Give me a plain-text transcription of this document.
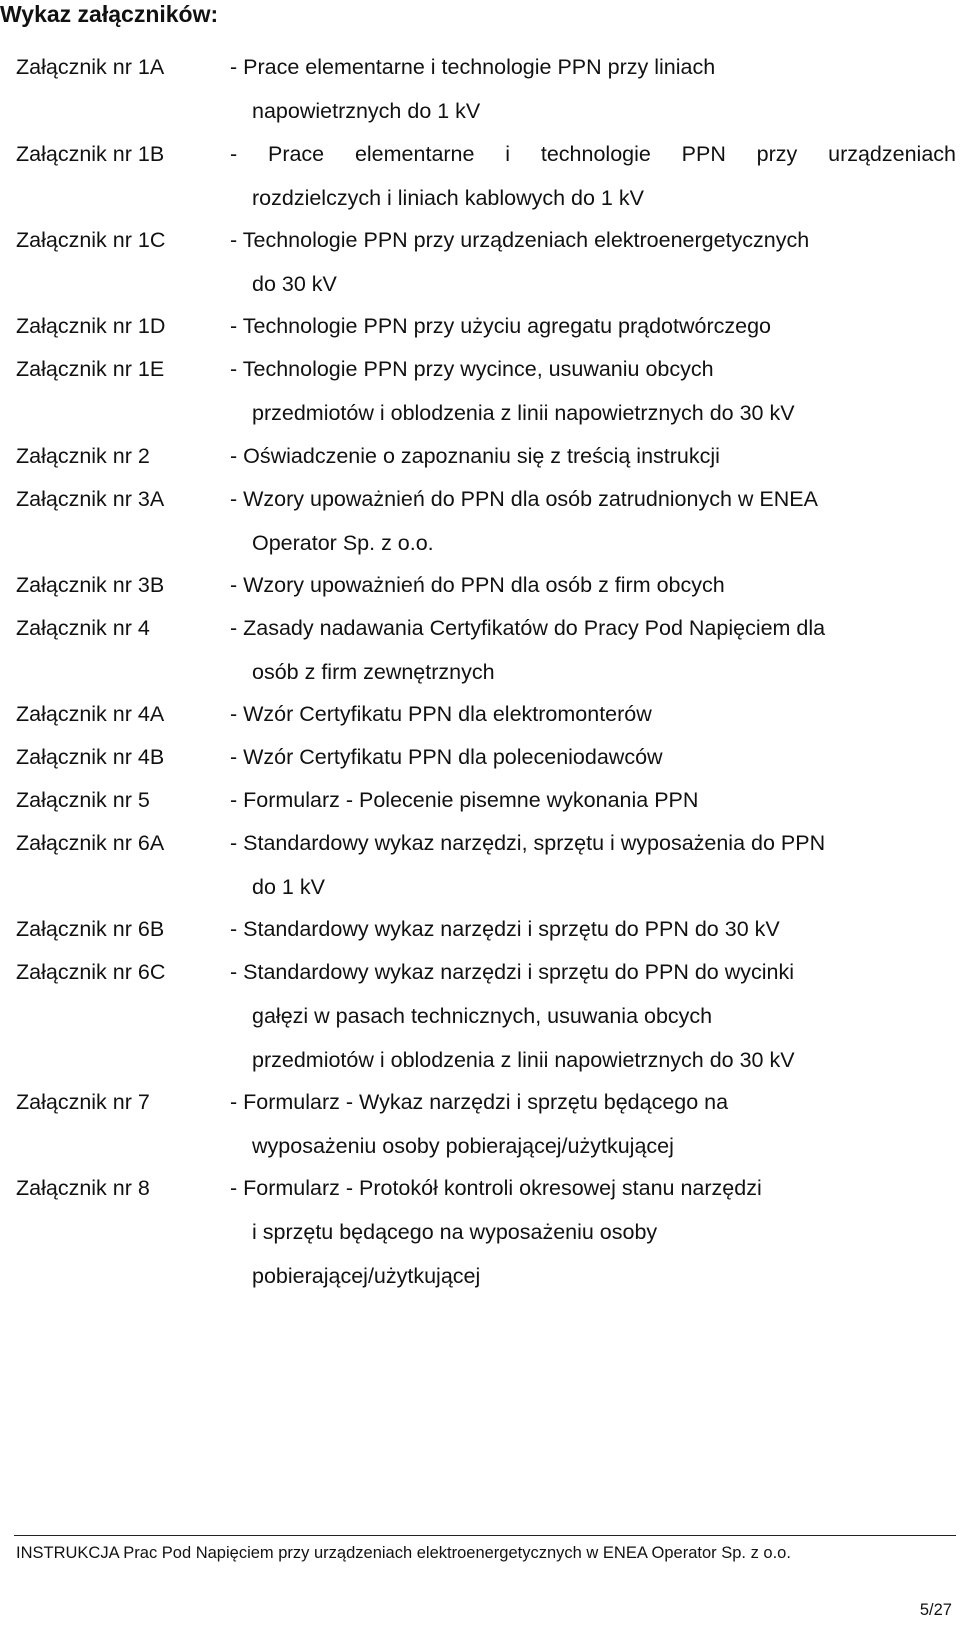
Wykaz załączników:
Załącznik nr 1A	- Prace elementarne i technologie PPN przy liniach
napowietrznych do 1 kV
Załącznik nr 1B	- Prace elementarne i technologie PPN przy urządzeniach
rozdzielczych i liniach kablowych do 1 kV
Załącznik nr 1C	- Technologie PPN przy urządzeniach elektroenergetycznych
do 30 kV
Załącznik nr 1D	- Technologie PPN przy użyciu agregatu prądotwórczego
Załącznik nr 1E	- Technologie PPN przy wycince, usuwaniu obcych
przedmiotów i oblodzenia z linii napowietrznych do 30 kV
Załącznik nr 2	- Oświadczenie o zapoznaniu się z treścią instrukcji
Załącznik nr 3A	- Wzory upoważnień do PPN dla osób zatrudnionych w ENEA
Operator Sp. z o.o.
Załącznik nr 3B	- Wzory upoważnień do PPN dla osób z firm obcych
Załącznik nr 4	- Zasady nadawania Certyfikatów do Pracy Pod Napięciem dla
osób z firm zewnętrznych
Załącznik nr 4A	- Wzór Certyfikatu PPN dla elektromonterów
Załącznik nr 4B	- Wzór Certyfikatu PPN dla poleceniodawców
Załącznik nr 5	- Formularz - Polecenie pisemne wykonania PPN
Załącznik nr 6A	- Standardowy wykaz narzędzi, sprzętu i wyposażenia do PPN
do 1 kV
Załącznik nr 6B	- Standardowy wykaz narzędzi i sprzętu do PPN do 30 kV
Załącznik nr 6C	- Standardowy wykaz narzędzi i sprzętu do PPN do wycinki
gałęzi w pasach technicznych, usuwania obcych
przedmiotów i oblodzenia z linii napowietrznych do 30 kV
Załącznik nr 7	- Formularz - Wykaz narzędzi i sprzętu będącego na
wyposażeniu osoby pobierającej/użytkującej
Załącznik nr 8	- Formularz - Protokół kontroli okresowej stanu narzędzi
i sprzętu będącego na wyposażeniu osoby
pobierającej/użytkującej
INSTRUKCJA Prac Pod Napięciem przy urządzeniach elektroenergetycznych w ENEA Operator Sp. z o.o.
5/27
